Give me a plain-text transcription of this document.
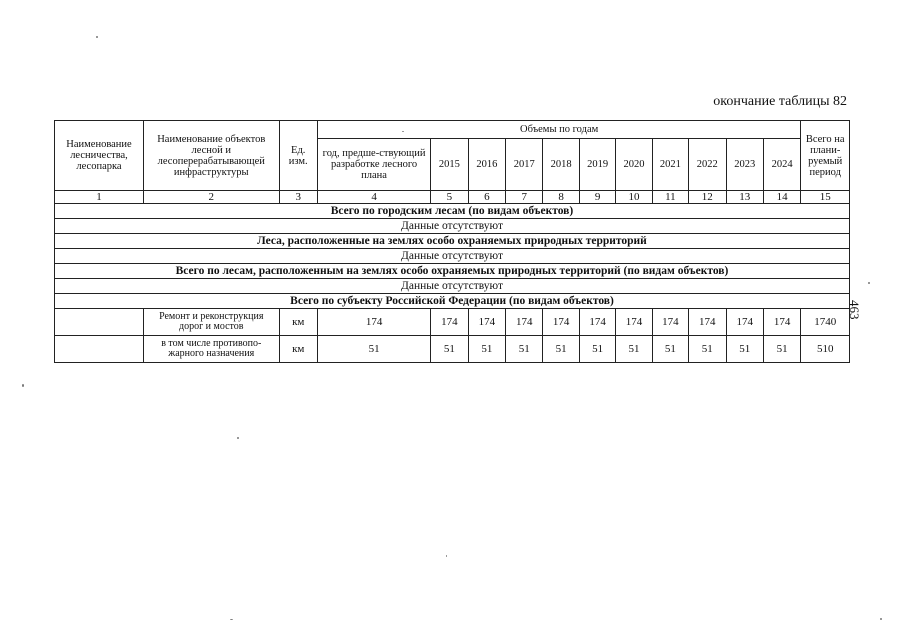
окончание таблицы 82
463
Наименование лесничества, лесопарка	Наименование объектов лесной и лесоперерабатывающей инфраструктуры	Ед. изм.	Объемы по годам											Всего на плани-руемый период
			год, предше-ствующий разработке лесного плана	2015	2016	2017	2018	2019	2020	2021	2022	2023	2024	
1	2	3	4	5	6	7	8	9	10	11	12	13	14	15
Всего по городским лесам (по видам объектов)														
Данные отсутствуют														
Леса, расположенные на землях особо охраняемых природных территорий														
Данные отсутствуют														
Всего по лесам, расположенным на землях особо охраняемых природных территорий (по видам объектов)														
Данные отсутствуют														
Всего по субъекту Российской Федерации (по видам объектов)														
	Ремонт и реконструкция дорог и мостов	км	174	174	174	174	174	174	174	174	174	174	174	1740
	в том числе противопо-жарного назначения	км	51	51	51	51	51	51	51	51	51	51	51	510
